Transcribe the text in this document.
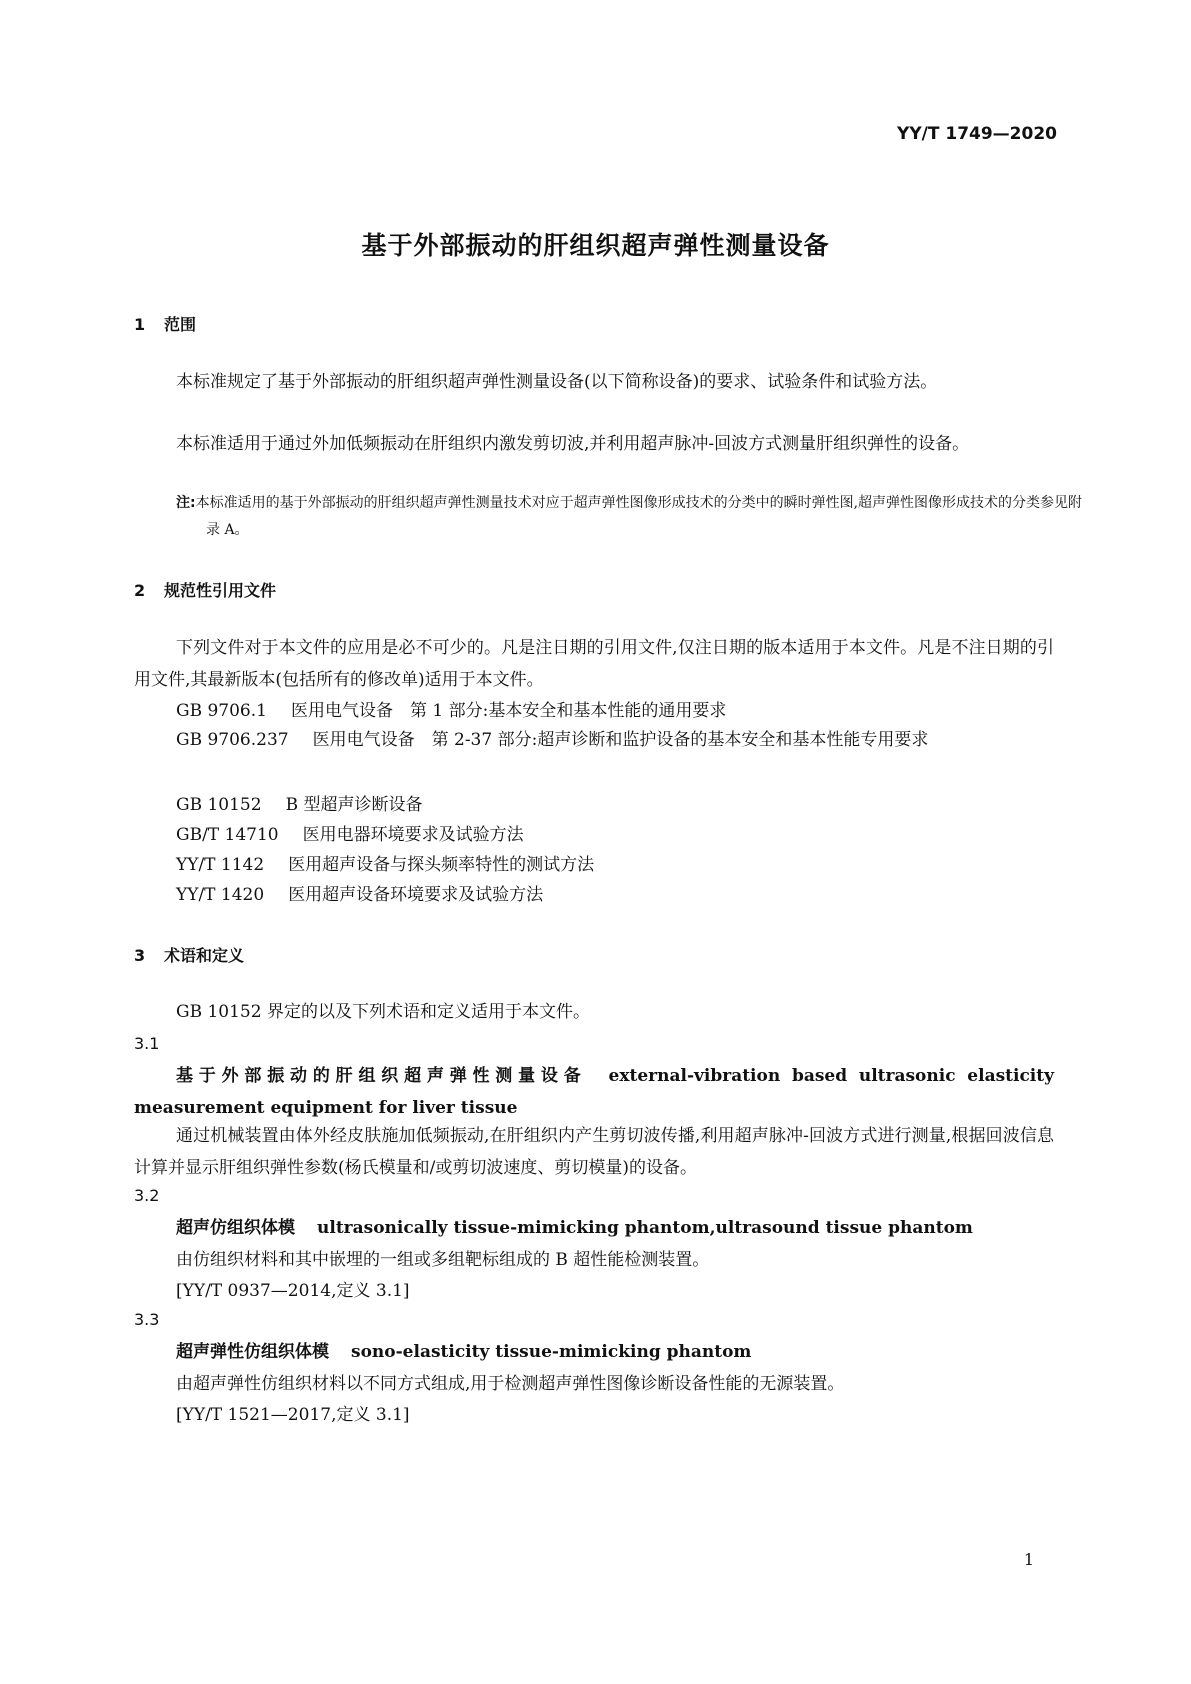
YY/T 1749—2020
基于外部振动的肝组织超声弹性测量设备
1 范围
本标准规定了基于外部振动的肝组织超声弹性测量设备(以下简称设备)的要求、试验条件和试验方法。
本标准适用于通过外加低频振动在肝组织内激发剪切波,并利用超声脉冲-回波方式测量肝组织弹性的设备。
注:本标准适用的基于外部振动的肝组织超声弹性测量技术对应于超声弹性图像形成技术的分类中的瞬时弹性图,超声弹性图像形成技术的分类参见附录 A。
2 规范性引用文件
下列文件对于本文件的应用是必不可少的。凡是注日期的引用文件,仅注日期的版本适用于本文件。凡是不注日期的引用文件,其最新版本(包括所有的修改单)适用于本文件。
GB 9706.1 医用电气设备　第 1 部分:基本安全和基本性能的通用要求
GB 9706.237 医用电气设备　第 2-37 部分:超声诊断和监护设备的基本安全和基本性能专用要求
GB 10152 B 型超声诊断设备
GB/T 14710 医用电器环境要求及试验方法
YY/T 1142 医用超声设备与探头频率特性的测试方法
YY/T 1420 医用超声设备环境要求及试验方法
3 术语和定义
GB 10152 界定的以及下列术语和定义适用于本文件。
3.1
基于外部振动的肝组织超声弹性测量设备 external-vibration based ultrasonic elasticity measurement equipment for liver tissue
通过机械装置由体外经皮肤施加低频振动,在肝组织内产生剪切波传播,利用超声脉冲-回波方式进行测量,根据回波信息计算并显示肝组织弹性参数(杨氏模量和/或剪切波速度、剪切模量)的设备。
3.2
超声仿组织体模 ultrasonically tissue-mimicking phantom,ultrasound tissue phantom
由仿组织材料和其中嵌埋的一组或多组靶标组成的 B 超性能检测装置。
[YY/T 0937—2014,定义 3.1]
3.3
超声弹性仿组织体模 sono-elasticity tissue-mimicking phantom
由超声弹性仿组织材料以不同方式组成,用于检测超声弹性图像诊断设备性能的无源装置。
[YY/T 1521—2017,定义 3.1]
1
